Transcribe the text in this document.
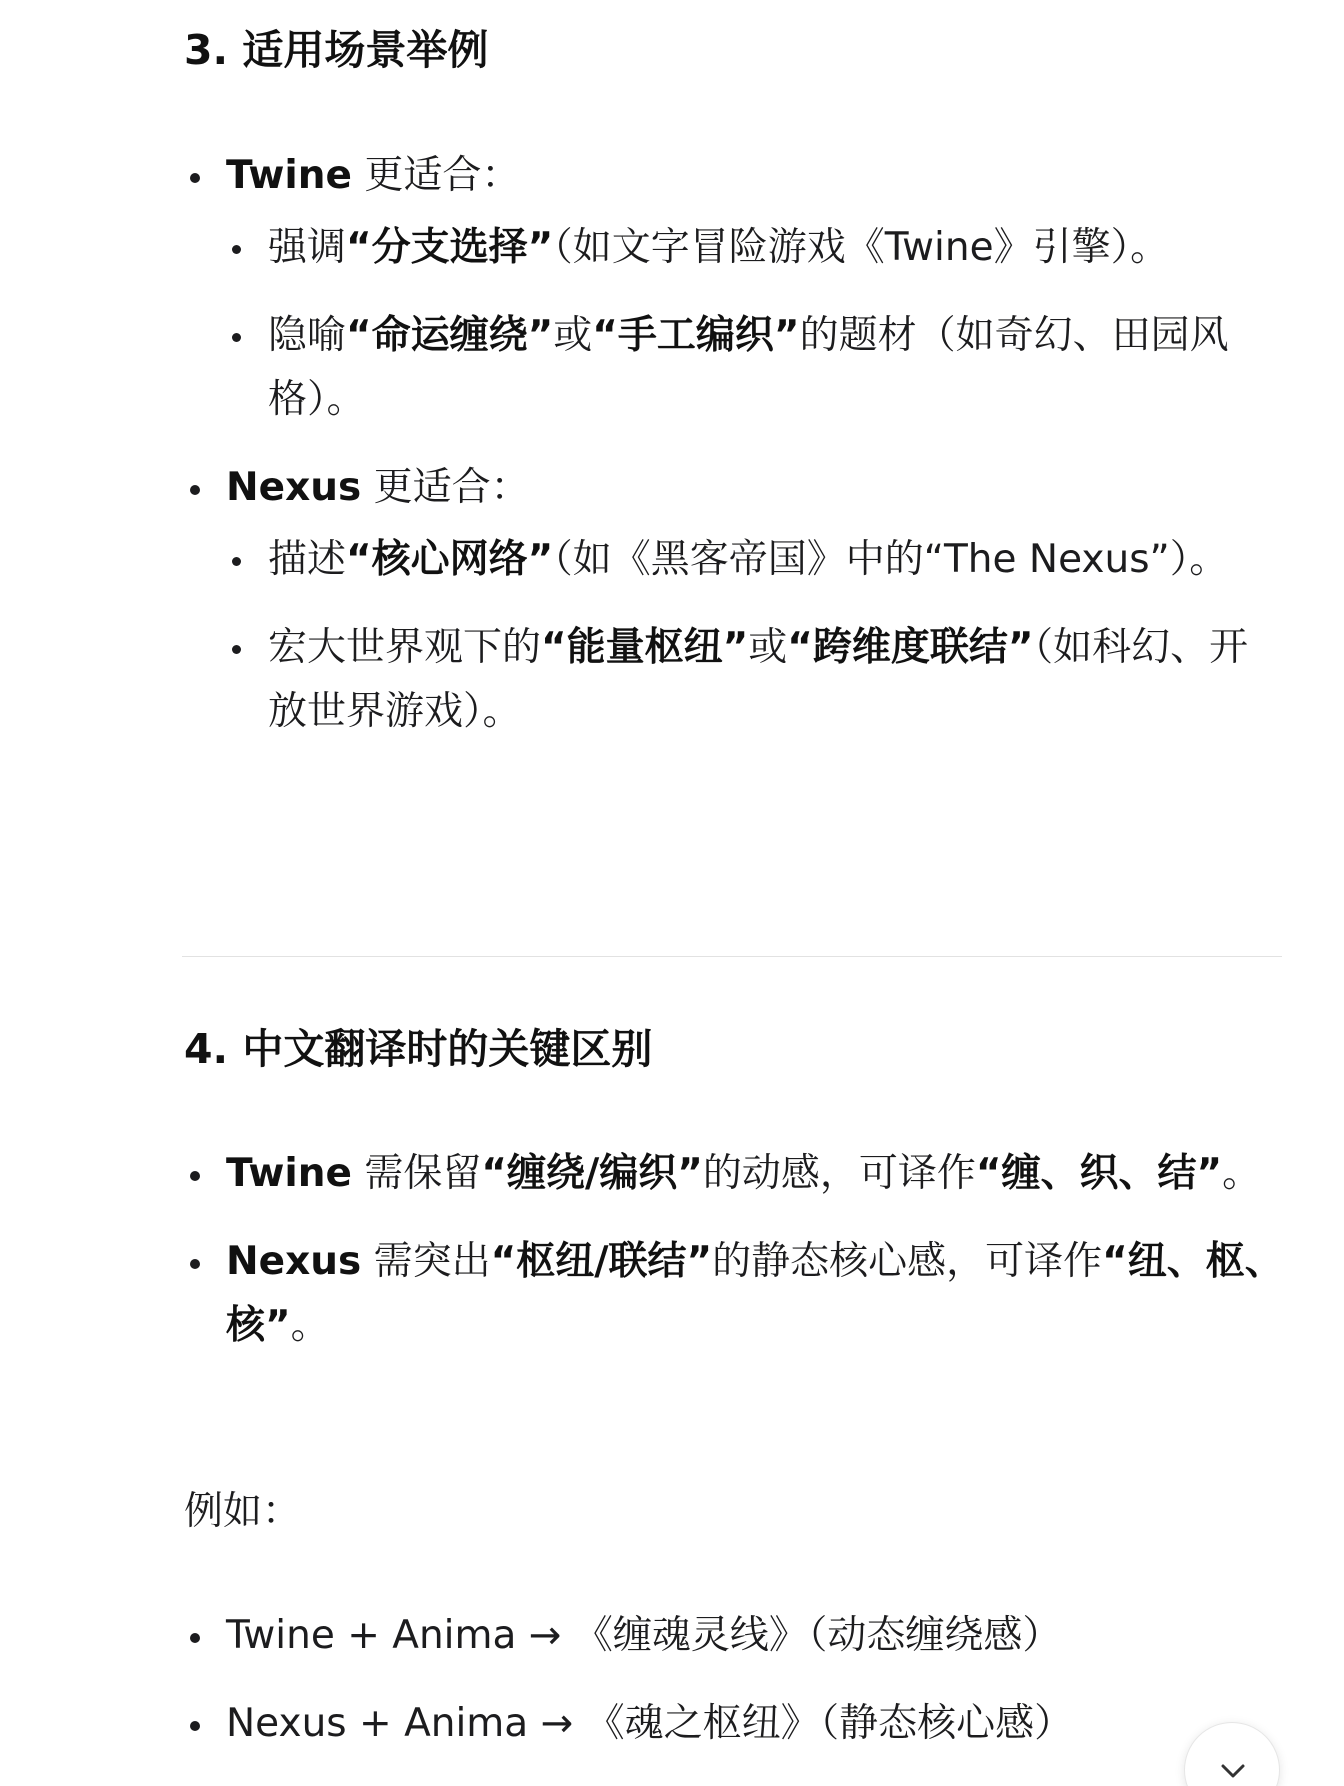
3. 适用场景举例
Twine 更适合：
强调“分支选择”（如文字冒险游戏《Twine》引擎）。
隐喻“命运缠绕”或“手工编织”的题材（如奇幻、田园风格）。
Nexus 更适合：
描述“核心网络”（如《黑客帝国》中的“The Nexus”）。
宏大世界观下的“能量枢纽”或“跨维度联结”（如科幻、开放世界游戏）。
4. 中文翻译时的关键区别
Twine 需保留“缠绕/编织”的动感，可译作“缠、织、结”。
Nexus 需突出“枢纽/联结”的静态核心感，可译作“纽、枢、核”。

例如：

Twine + Anima → 《缠魂灵线》（动态缠绕感）
Nexus + Anima → 《魂之枢纽》（静态核心感）
